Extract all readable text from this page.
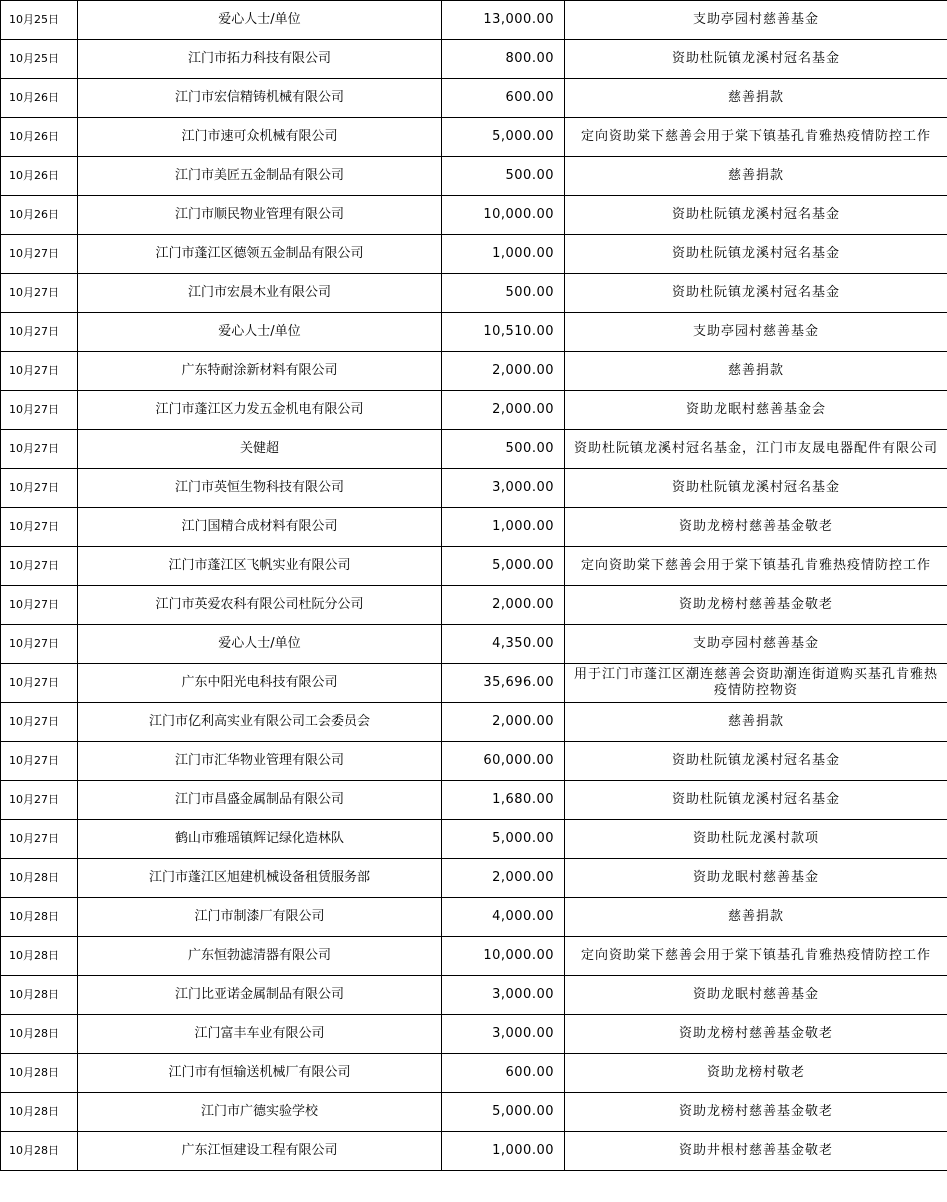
10月25日	爱心人士/单位	13,000.00	支助亭园村慈善基金
10月25日	江门市拓力科技有限公司	800.00	资助杜阮镇龙溪村冠名基金
10月26日	江门市宏信精铸机械有限公司	600.00	慈善捐款
10月26日	江门市速可众机械有限公司	5,000.00	定向资助棠下慈善会用于棠下镇基孔肯雅热疫情防控工作
10月26日	江门市美匠五金制品有限公司	500.00	慈善捐款
10月26日	江门市顺民物业管理有限公司	10,000.00	资助杜阮镇龙溪村冠名基金
10月27日	江门市蓬江区德领五金制品有限公司	1,000.00	资助杜阮镇龙溪村冠名基金
10月27日	江门市宏晨木业有限公司	500.00	资助杜阮镇龙溪村冠名基金
10月27日	爱心人士/单位	10,510.00	支助亭园村慈善基金
10月27日	广东特耐涂新材料有限公司	2,000.00	慈善捐款
10月27日	江门市蓬江区力发五金机电有限公司	2,000.00	资助龙眠村慈善基金会
10月27日	关健超	500.00	资助杜阮镇龙溪村冠名基金，江门市友晟电器配件有限公司
10月27日	江门市英恒生物科技有限公司	3,000.00	资助杜阮镇龙溪村冠名基金
10月27日	江门国精合成材料有限公司	1,000.00	资助龙榜村慈善基金敬老
10月27日	江门市蓬江区飞帆实业有限公司	5,000.00	定向资助棠下慈善会用于棠下镇基孔肯雅热疫情防控工作
10月27日	江门市英爱农科有限公司杜阮分公司	2,000.00	资助龙榜村慈善基金敬老
10月27日	爱心人士/单位	4,350.00	支助亭园村慈善基金
10月27日	广东中阳光电科技有限公司	35,696.00	用于江门市蓬江区潮连慈善会资助潮连街道购买基孔肯雅热疫情防控物资
10月27日	江门市亿利高实业有限公司工会委员会	2,000.00	慈善捐款
10月27日	江门市汇华物业管理有限公司	60,000.00	资助杜阮镇龙溪村冠名基金
10月27日	江门市昌盛金属制品有限公司	1,680.00	资助杜阮镇龙溪村冠名基金
10月27日	鹤山市雅瑶镇辉记绿化造林队	5,000.00	资助杜阮龙溪村款项
10月28日	江门市蓬江区旭建机械设备租赁服务部	2,000.00	资助龙眠村慈善基金
10月28日	江门市制漆厂有限公司	4,000.00	慈善捐款
10月28日	广东恒勃滤清器有限公司	10,000.00	定向资助棠下慈善会用于棠下镇基孔肯雅热疫情防控工作
10月28日	江门比亚诺金属制品有限公司	3,000.00	资助龙眠村慈善基金
10月28日	江门富丰车业有限公司	3,000.00	资助龙榜村慈善基金敬老
10月28日	江门市有恒输送机械厂有限公司	600.00	资助龙榜村敬老
10月28日	江门市广德实验学校	5,000.00	资助龙榜村慈善基金敬老
10月28日	广东江恒建设工程有限公司	1,000.00	资助井根村慈善基金敬老
